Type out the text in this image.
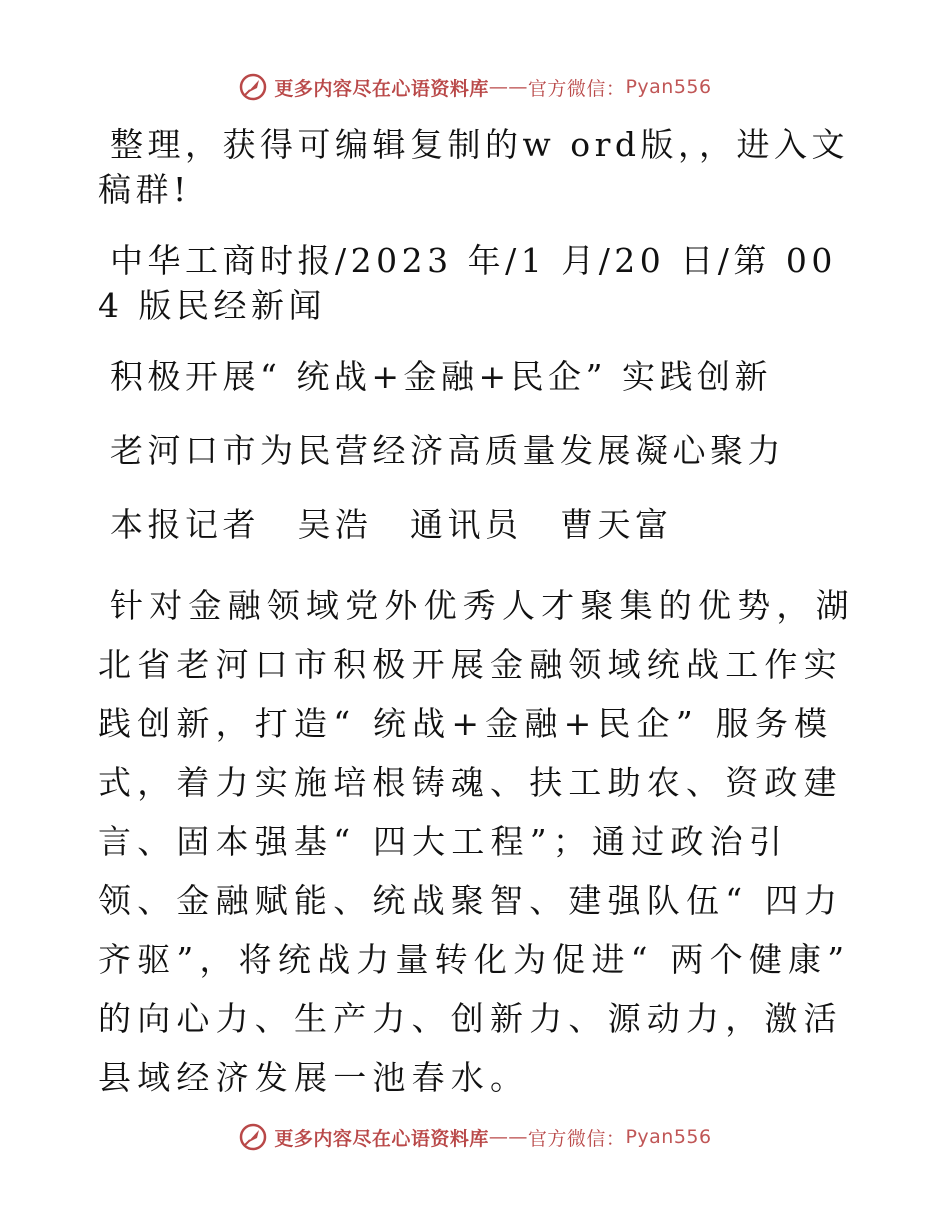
更多内容尽在心语资料库 —— 官方微信： Pyan556

整理，获得可编辑复制的w ord版，，进入文稿群!

中华工商时报/2023 年/1 月/20 日/第 004 版民经新闻

积极开展“ 统战+金融+民企” 实践创新

老河口市为民营经济高质量发展凝心聚力

本报记者　吴浩　通讯员　曹天富

针对金融领域党外优秀人才聚集的优势，湖北省老河口市积极开展金融领域统战工作实践创新，打造“ 统战+金融+民企” 服务模式，着力实施培根铸魂、扶工助农、资政建言、固本强基“ 四大工程”；通过政治引领、金融赋能、统战聚智、建强队伍“ 四力齐驱”，将统战力量转化为促进“ 两个健康” 的向心力、生产力、创新力、源动力，激活县域经济发展一池春水。

更多内容尽在心语资料库 —— 官方微信： Pyan556
